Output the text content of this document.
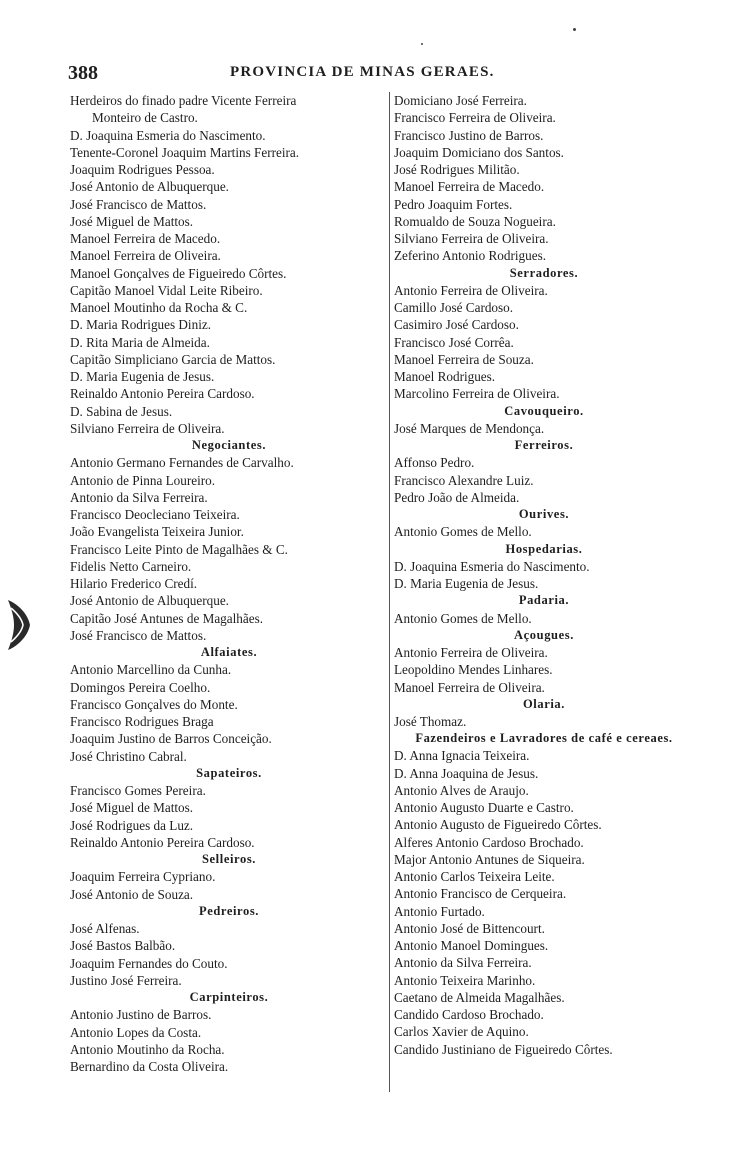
388	PROVINCIA DE MINAS GERAES.
Herdeiros do finado padre Vicente Ferreira
Monteiro de Castro.
D. Joaquina Esmeria do Nascimento.
Tenente-Coronel Joaquim Martins Ferreira.
Joaquim Rodrigues Pessoa.
José Antonio de Albuquerque.
José Francisco de Mattos.
José Miguel de Mattos.
Manoel Ferreira de Macedo.
Manoel Ferreira de Oliveira.
Manoel Gonçalves de Figueiredo Côrtes.
Capitão Manoel Vidal Leite Ribeiro.
Manoel Moutinho da Rocha & C.
D. Maria Rodrigues Diniz.
D. Rita Maria de Almeida.
Capitão Simpliciano Garcia de Mattos.
D. Maria Eugenia de Jesus.
Reinaldo Antonio Pereira Cardoso.
D. Sabina de Jesus.
Silviano Ferreira de Oliveira.
Negociantes.
Antonio Germano Fernandes de Carvalho.
Antonio de Pinna Loureiro.
Antonio da Silva Ferreira.
Francisco Deocleciano Teixeira.
João Evangelista Teixeira Junior.
Francisco Leite Pinto de Magalhães & C.
Fidelis Netto Carneiro.
Hilario Frederico Credí.
José Antonio de Albuquerque.
Capitão José Antunes de Magalhães.
José Francisco de Mattos.
Alfaiates.
Antonio Marcellino da Cunha.
Domingos Pereira Coelho.
Francisco Gonçalves do Monte.
Francisco Rodrigues Braga
Joaquim Justino de Barros Conceição.
José Christino Cabral.
Sapateiros.
Francisco Gomes Pereira.
José Miguel de Mattos.
José Rodrigues da Luz.
Reinaldo Antonio Pereira Cardoso.
Selleiros.
Joaquim Ferreira Cypriano.
José Antonio de Souza.
Pedreiros.
José Alfenas.
José Bastos Balbão.
Joaquim Fernandes do Couto.
Justino José Ferreira.
Carpinteiros.
Antonio Justino de Barros.
Antonio Lopes da Costa.
Antonio Moutinho da Rocha.
Bernardino da Costa Oliveira.
Domiciano José Ferreira.
Francisco Ferreira de Oliveira.
Francisco Justino de Barros.
Joaquim Domiciano dos Santos.
José Rodrigues Militão.
Manoel Ferreira de Macedo.
Pedro Joaquim Fortes.
Romualdo de Souza Nogueira.
Silviano Ferreira de Oliveira.
Zeferino Antonio Rodrigues.
Serradores.
Antonio Ferreira de Oliveira.
Camillo José Cardoso.
Casimiro José Cardoso.
Francisco José Corrêa.
Manoel Ferreira de Souza.
Manoel Rodrigues.
Marcolino Ferreira de Oliveira.
Cavouqueiro.
José Marques de Mendonça.
Ferreiros.
Affonso Pedro.
Francisco Alexandre Luiz.
Pedro João de Almeida.
Ourives.
Antonio Gomes de Mello.
Hospedarias.
D. Joaquina Esmeria do Nascimento.
D. Maria Eugenia de Jesus.
Padaria.
Antonio Gomes de Mello.
Açougues.
Antonio Ferreira de Oliveira.
Leopoldino Mendes Linhares.
Manoel Ferreira de Oliveira.
Olaria.
José Thomaz.
Fazendeiros e Lavradores de café e cereaes.
D. Anna Ignacia Teixeira.
D. Anna Joaquina de Jesus.
Antonio Alves de Araujo.
Antonio Augusto Duarte e Castro.
Antonio Augusto de Figueiredo Côrtes.
Alferes Antonio Cardoso Brochado.
Major Antonio Antunes de Siqueira.
Antonio Carlos Teixeira Leite.
Antonio Francisco de Cerqueira.
Antonio Furtado.
Antonio José de Bittencourt.
Antonio Manoel Domingues.
Antonio da Silva Ferreira.
Antonio Teixeira Marinho.
Caetano de Almeida Magalhães.
Candido Cardoso Brochado.
Carlos Xavier de Aquino.
Candido Justiniano de Figueiredo Côrtes.
